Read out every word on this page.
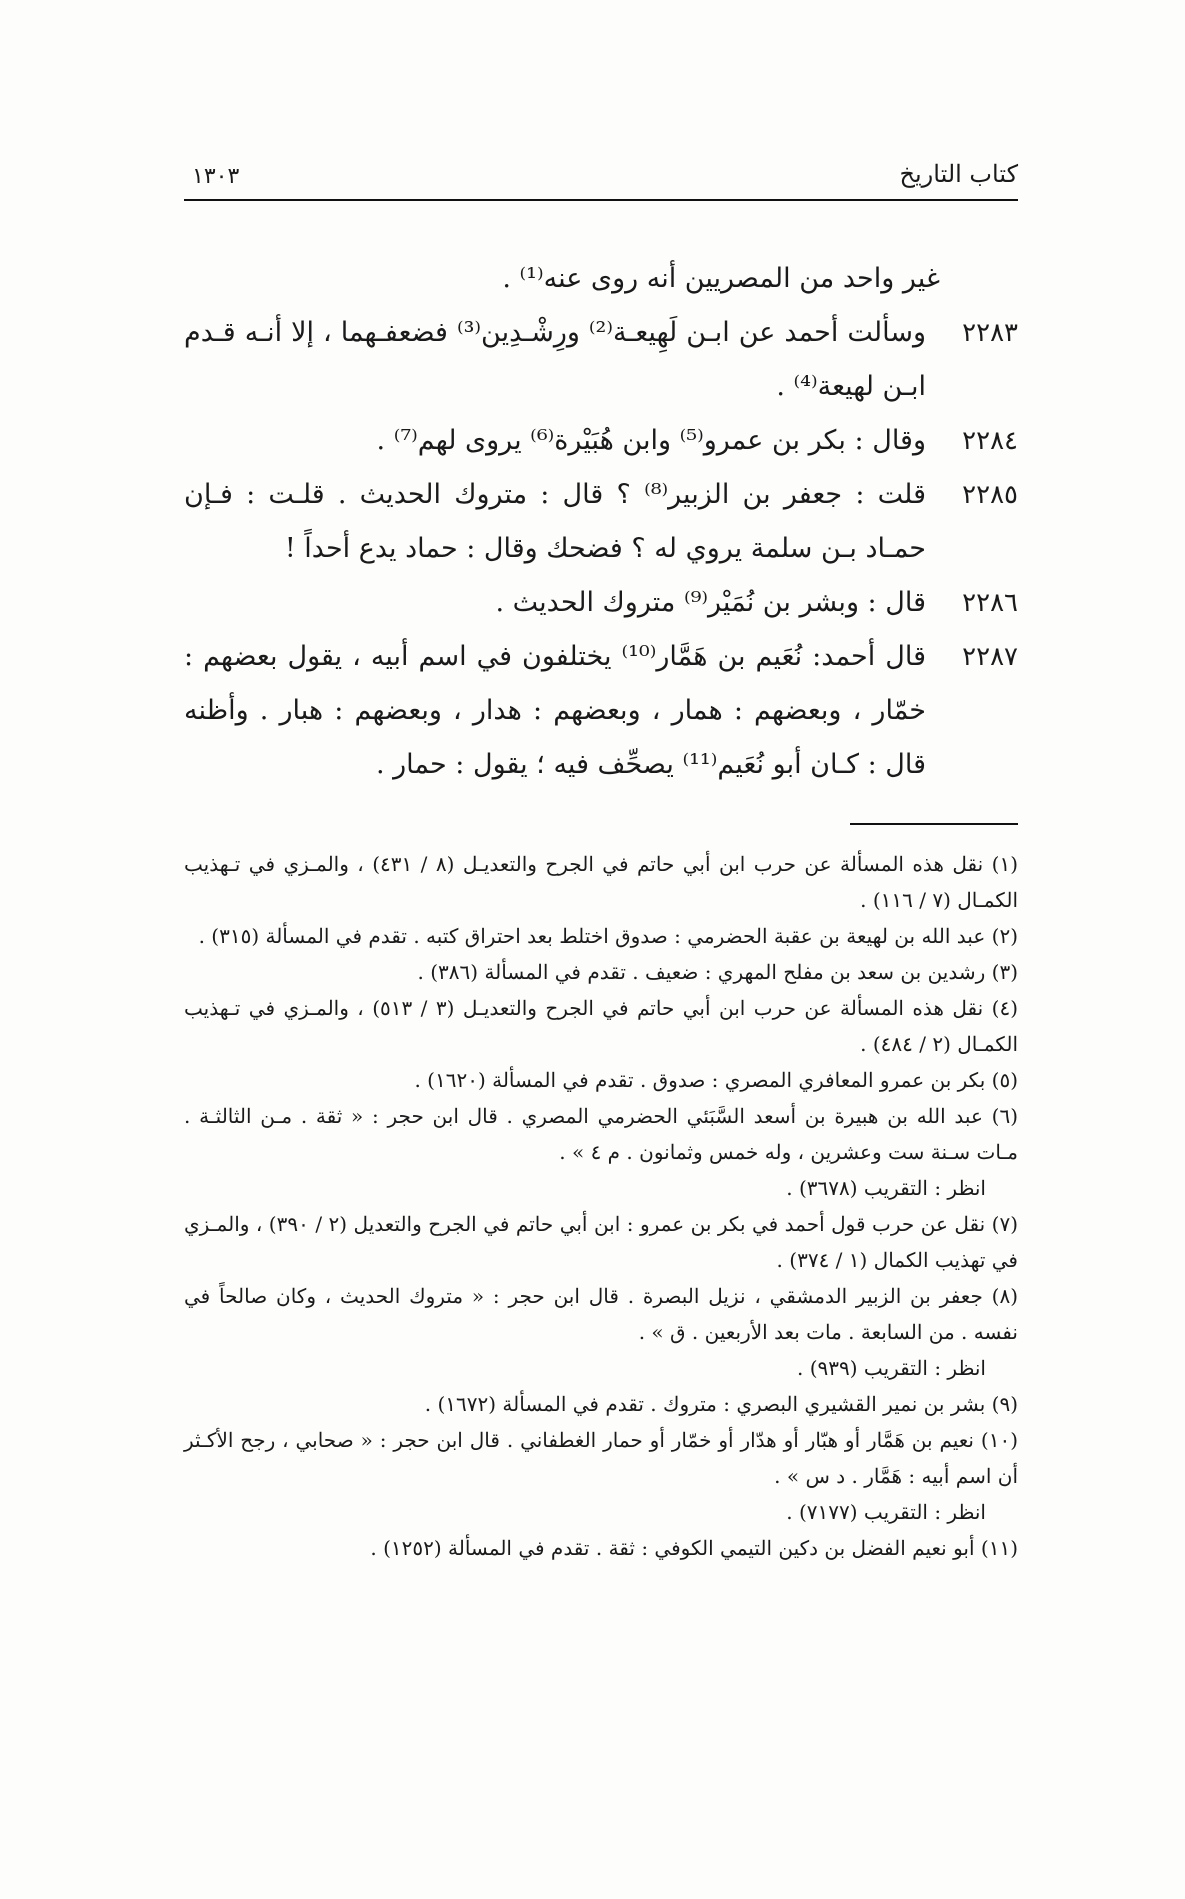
كتاب التاريخ
١٣٠٣
غير واحد من المصريين أنه روى عنه⁽¹⁾ .
٢٢٨٣
وسألت أحمد عن ابـن لَهِيعـة⁽²⁾ ورِشْـدِين⁽³⁾ فضعفـهما ، إلا أنـه قـدم ابـن لهيعة⁽⁴⁾ .
٢٢٨٤
وقال : بكر بن عمرو⁽⁵⁾ وابن هُبَيْرة⁽⁶⁾ يروى لهم⁽⁷⁾ .
٢٢٨٥
قلت : جعفر بن الزبير⁽⁸⁾ ؟ قال : متروك الحديث . قلـت : فـإن حمـاد بـن سلمة يروي له ؟ فضحك وقال : حماد يدع أحداً !
٢٢٨٦
قال : وبشر بن نُمَيْر⁽⁹⁾ متروك الحديث .
٢٢٨٧
قال أحمد: نُعَيم بن هَمَّار⁽¹⁰⁾ يختلفون في اسم أبيه ، يقول بعضهم : خمّار ، وبعضهم : همار ، وبعضهم : هدار ، وبعضهم : هبار . وأظنه قال : كـان أبو نُعَيم⁽¹¹⁾ يصحِّف فيه ؛ يقول : حمار .

(١) نقل هذه المسألة عن حرب ابن أبي حاتم في الجرح والتعديـل (٨ / ٤٣١) ، والمـزي في تـهذيب الكمـال (٧ / ١١٦) .

(٢) عبد الله بن لهيعة بن عقبة الحضرمي : صدوق اختلط بعد احتراق كتبه . تقدم في المسألة (٣١٥) .

(٣) رشدين بن سعد بن مفلح المهري : ضعيف . تقدم في المسألة (٣٨٦) .

(٤) نقل هذه المسألة عن حرب ابن أبي حاتم في الجرح والتعديـل (٣ / ٥١٣) ، والمـزي في تـهذيب الكمـال (٢ / ٤٨٤) .

(٥) بكر بن عمرو المعافري المصري : صدوق . تقدم في المسألة (١٦٢٠) .

(٦) عبد الله بن هبيرة بن أسعد السَّبَئي الحضرمي المصري . قال ابن حجر : « ثقة . مـن الثالثـة . مـات سـنة ست وعشرين ، وله خمس وثمانون . م ٤ » .

انظر : التقريب (٣٦٧٨) .

(٧) نقل عن حرب قول أحمد في بكر بن عمرو : ابن أبي حاتم في الجرح والتعديل (٢ / ٣٩٠) ، والمـزي في تهذيب الكمال (١ / ٣٧٤) .

(٨) جعفر بن الزبير الدمشقي ، نزيل البصرة . قال ابن حجر : « متروك الحديث ، وكان صالحاً في نفسه . من السابعة . مات بعد الأربعين . ق » .

انظر : التقريب (٩٣٩) .

(٩) بشر بن نمير القشيري البصري : متروك . تقدم في المسألة (١٦٧٢) .

(١٠) نعيم بن هَمَّار أو هبّار أو هدّار أو خمّار أو حمار الغطفاني . قال ابن حجر : « صحابي ، رجح الأكـثر أن اسم أبيه : هَمَّار . د س » .

انظر : التقريب (٧١٧٧) .

(١١) أبو نعيم الفضل بن دكين التيمي الكوفي : ثقة . تقدم في المسألة (١٢٥٢) .
